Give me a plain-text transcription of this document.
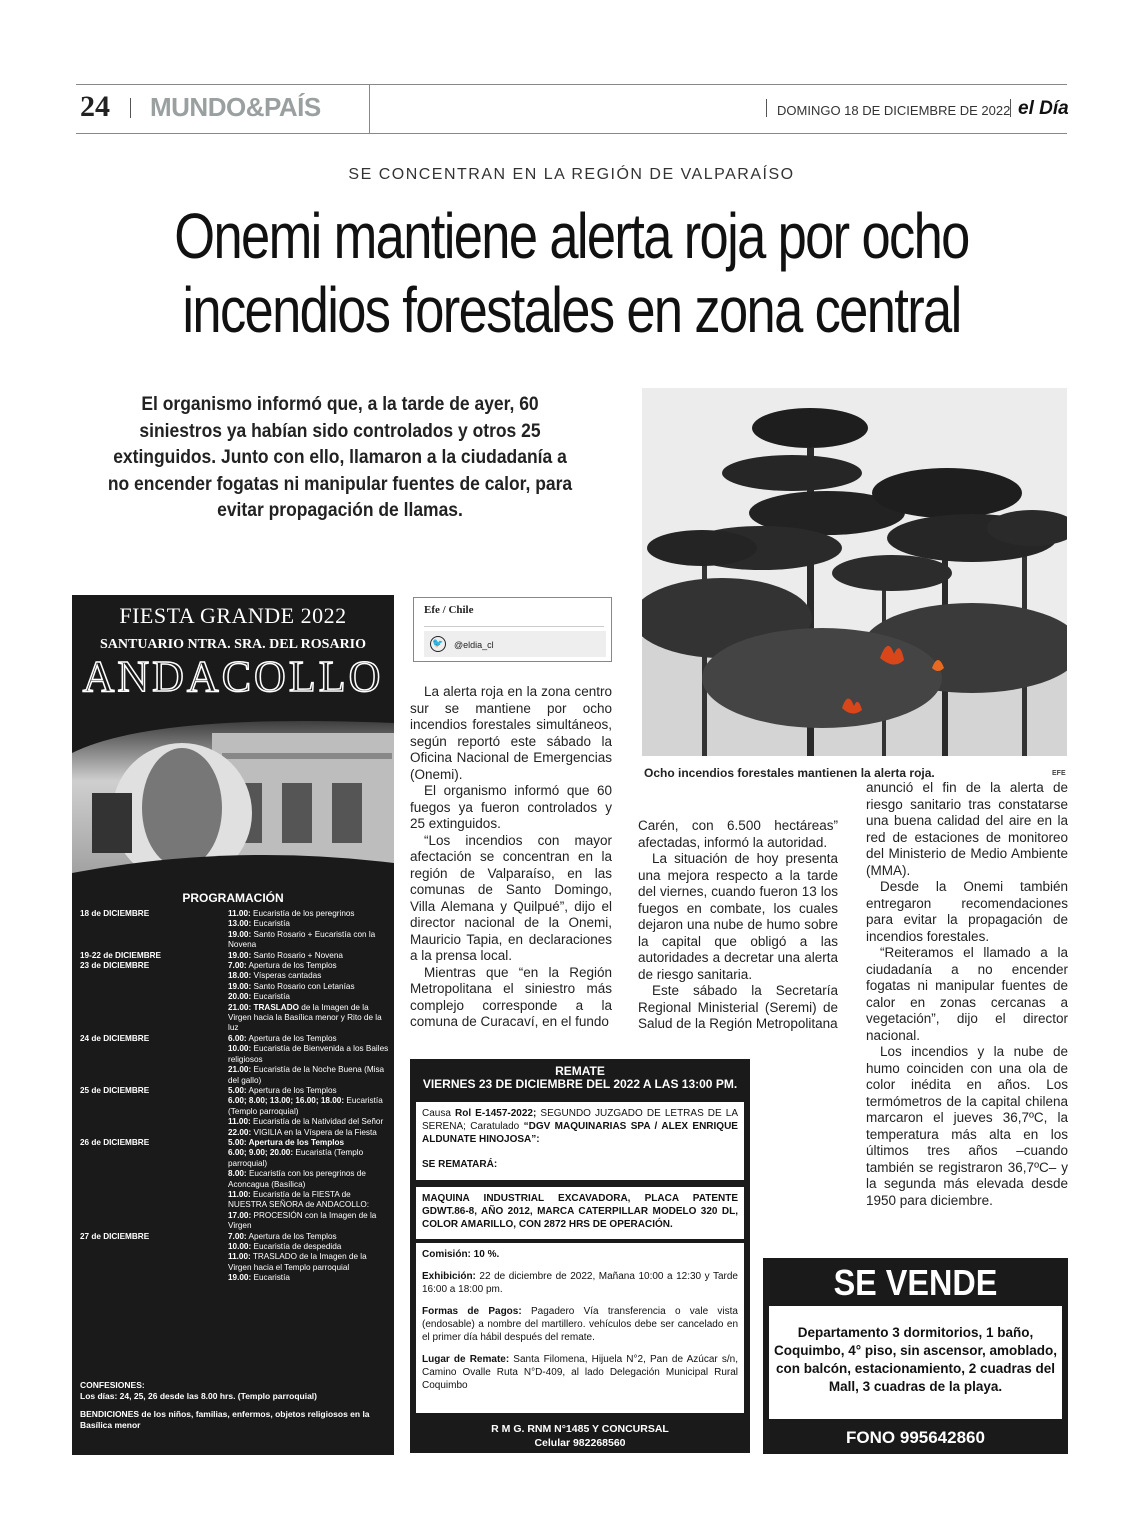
24 MUNDO&PAÍS	DOMINGO 18 DE DICIEMBRE DE 2022 el Día
SE CONCENTRAN EN LA REGIÓN DE VALPARAÍSO
Onemi mantiene alerta roja por ocho incendios forestales en zona central
El organismo informó que, a la tarde de ayer, 60 siniestros ya habían sido controlados y otros 25 extinguidos. Junto con ello, llamaron a la ciudadanía a no encender fogatas ni manipular fuentes de calor, para evitar propagación de llamas.
Ocho incendios forestales mantienen la alerta roja.	EFE
Efe / Chile
🐦 @eldia_cl

La alerta roja en la zona centro sur se mantiene por ocho incendios forestales simultáneos, según reportó este sábado la Oficina Nacional de Emergencias (Onemi).

El organismo informó que 60 fuegos ya fueron controlados y 25 extinguidos.

“Los incendios con mayor afectación se concentran en la región de Valparaíso, en las comunas de Santo Domingo, Villa Alemana y Quilpué”, dijo el director nacional de la Onemi, Mauricio Tapia, en declaraciones a la prensa local.

Mientras que “en la Región Metropolitana el siniestro más complejo corresponde a la comuna de Curacaví, en el fundo

Carén, con 6.500 hectáreas” afectadas, informó la autoridad.

La situación de hoy presenta una mejora respecto a la tarde del viernes, cuando fueron 13 los fuegos en combate, los cuales dejaron una nube de humo sobre la capital que obligó a las autoridades a decretar una alerta de riesgo sanitaria.

Este sábado la Secretaría Regional Ministerial (Seremi) de Salud de la Región Metropolitana

anunció el fin de la alerta de riesgo sanitario tras constatarse una buena calidad del aire en la red de estaciones de monitoreo del Ministerio de Medio Ambiente (MMA).

Desde la Onemi también entregaron recomendaciones para evitar la propagación de incendios forestales.

“Reiteramos el llamado a la ciudadanía a no encender fogatas ni manipular fuentes de calor en zonas cercanas a vegetación”, dijo el director nacional.

Los incendios y la nube de humo coinciden con una ola de color inédita en años. Los termómetros de la capital chilena marcaron el jueves 36,7ºC, la temperatura más alta en los últimos tres años –cuando también se registraron 36,7ºC– y la segunda más elevada desde 1950 para diciembre.

FIESTA GRANDE 2022
SANTUARIO NTRA. SRA. DEL ROSARIO
ANDACOLLO
PROGRAMACIÓN
18 de DICIEMBRE	11.00: Eucaristía de los peregrinos
13.00: Eucaristía
19.00: Santo Rosario + Eucaristía con la Novena
19-22 de DICIEMBRE	19.00: Santo Rosario + Novena
23 de DICIEMBRE	7.00: Apertura de los Templos
18.00: Vísperas cantadas
19.00: Santo Rosario con Letanías
20.00: Eucaristía
21.00: TRASLADO de la Imagen de la Virgen hacia la Basílica menor y Rito de la luz
24 de DICIEMBRE	6.00: Apertura de los Templos
10.00: Eucaristía de Bienvenida a los Bailes religiosos
21.00: Eucaristía de la Noche Buena (Misa del gallo)
25 de DICIEMBRE	5.00: Apertura de los Templos
6.00; 8.00; 13.00; 16.00; 18.00: Eucaristía (Templo parroquial)
11.00: Eucaristía de la Natividad del Señor
22.00: VIGILIA en la Víspera de la Fiesta
26 de DICIEMBRE	5.00: Apertura de los Templos
6.00; 9.00; 20.00: Eucaristía (Templo parroquial)
8.00: Eucaristía con los peregrinos de Aconcagua (Basílica)
11.00: Eucaristía de la FIESTA de NUESTRA SEÑORA de ANDACOLLO:
17.00: PROCESIÓN con la Imagen de la Virgen
27 de DICIEMBRE	7.00: Apertura de los Templos
10.00: Eucaristía de despedida
11.00: TRASLADO de la Imagen de la Virgen hacia el Templo parroquial
19.00: Eucaristía
CONFESIONES:
Los días: 24, 25, 26 desde las 8.00 hrs. (Templo parroquial)
BENDICIONES de los niños, familias, enfermos, objetos religiosos en la Basílica menor
REMATE
VIERNES 23 DE DICIEMBRE DEL 2022 A LAS 13:00 PM.
Causa Rol E-1457-2022; SEGUNDO JUZGADO DE LETRAS DE LA SERENA; Caratulado “DGV MAQUINARIAS SPA / ALEX ENRIQUE ALDUNATE HINOJOSA”:
SE REMATARÁ:
MAQUINA INDUSTRIAL EXCAVADORA, PLACA PATENTE GDWT.86-8, AÑO 2012, MARCA CATERPILLAR MODELO 320 DL, COLOR AMARILLO, CON 2872 HRS DE OPERACIÓN.

Comisión: 10 %.

Exhibición: 22 de diciembre de 2022, Mañana 10:00 a 12:30 y Tarde 16:00 a 18:00 pm.

Formas de Pagos: Pagadero Vía transferencia o vale vista (endosable) a nombre del martillero. vehículos debe ser cancelado en el primer día hábil después del remate.

Lugar de Remate: Santa Filomena, Hijuela N°2, Pan de Azúcar s/n, Camino Ovalle Ruta N°D-409, al lado Delegación Municipal Rural Coquimbo

R M G. RNM N°1485 Y CONCURSAL
Celular 982268560
SE VENDE
Departamento 3 dormitorios, 1 baño, Coquimbo, 4° piso, sin ascensor, amoblado, con balcón, estacionamiento, 2 cuadras del Mall, 3 cuadras de la playa.
FONO 995642860
